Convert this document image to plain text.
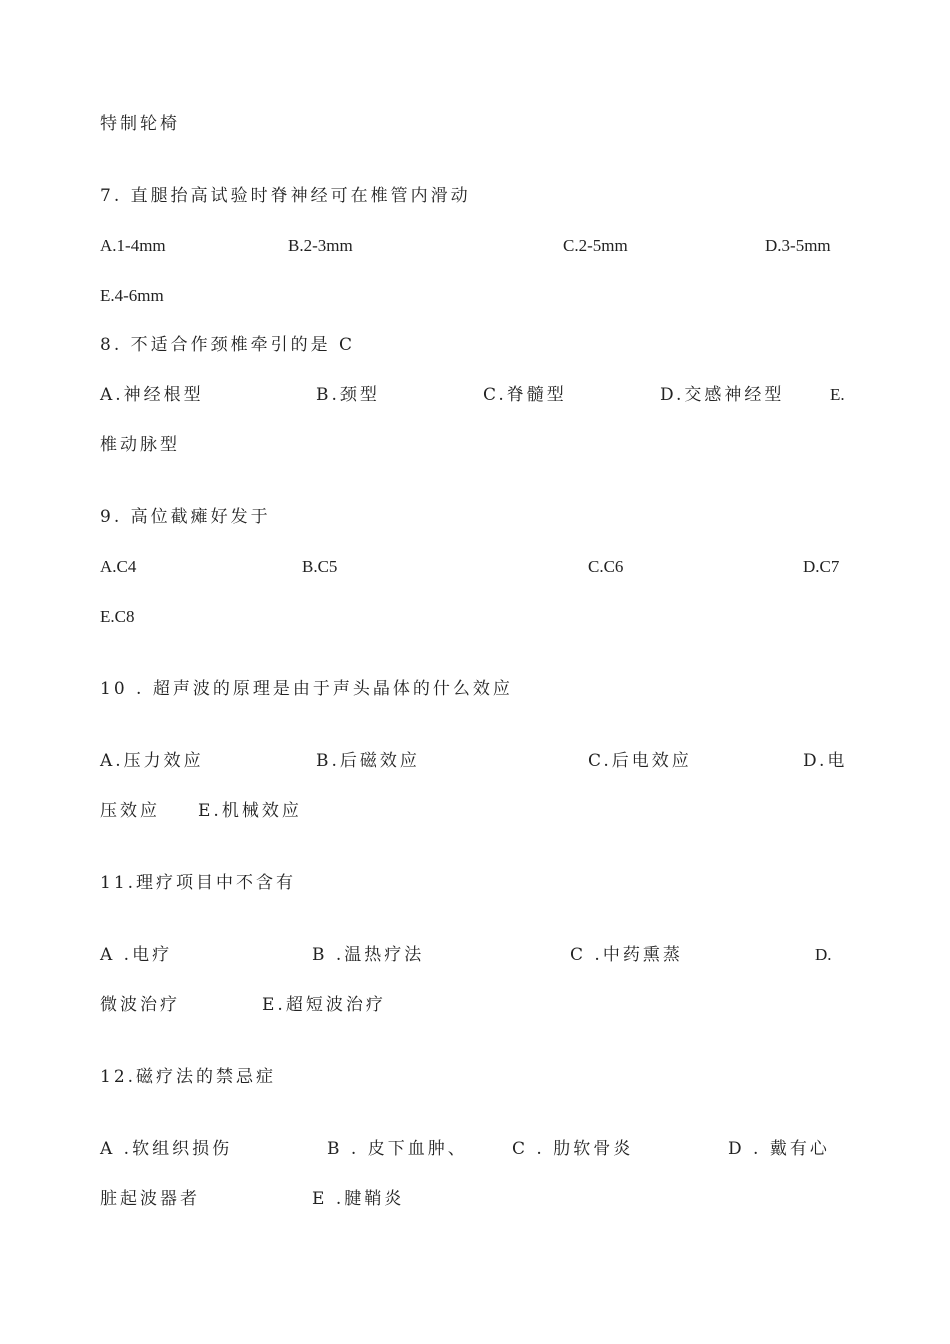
特制轮椅
7. 直腿抬高试验时脊神经可在椎管内滑动
A.1-4mm	B.2-3mm	C.2-5mm	D.3-5mm
E.4-6mm
8. 不适合作颈椎牵引的是 C
A.神经根型	B.颈型	C.脊髓型	D.交感神经型	E.
椎动脉型
9. 高位截瘫好发于
A.C4	B.C5	C.C6	D.C7
E.C8
10 . 超声波的原理是由于声头晶体的什么效应
A.压力效应	B.后磁效应	C.后电效应	D.电
压效应 E.机械效应
11.理疗项目中不含有
A .电疗	B .温热疗法	C .中药熏蒸	D.
微波治疗	E.超短波治疗
12.磁疗法的禁忌症
A .软组织损伤	B . 皮下血肿、	C . 肋软骨炎	D . 戴有心
脏起波器者	E .腱鞘炎
